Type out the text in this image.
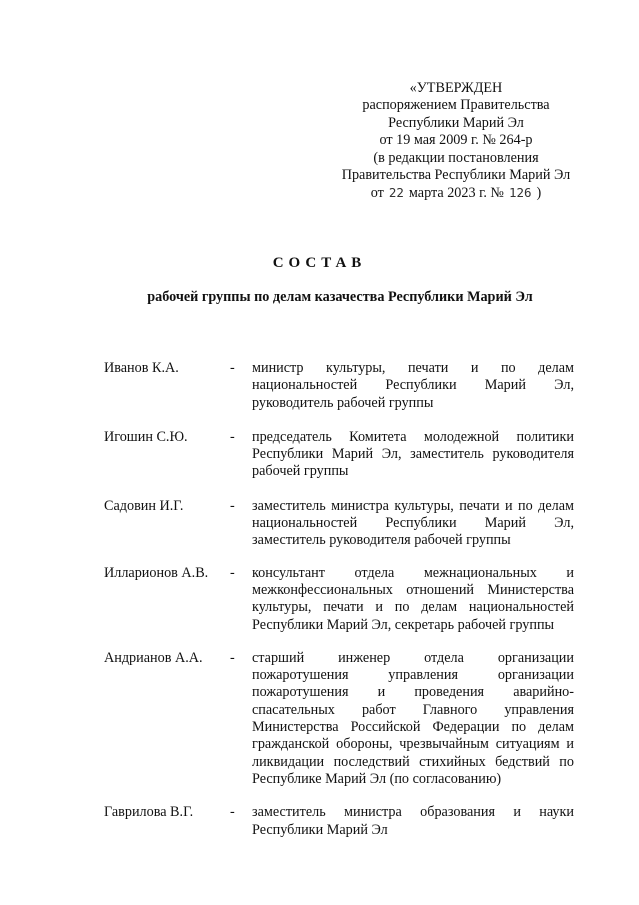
«УТВЕРЖДЕН
распоряжением Правительства
Республики Марий Эл
от 19 мая 2009 г. № 264-р
(в редакции постановления
Правительства Республики Марий Эл
от 22 марта 2023 г. № 126 )
СОСТАВ
рабочей группы по делам казачества Республики Марий Эл
Иванов К.А.	-	министр культуры, печати и по делам национальностей Республики Марий Эл, руководитель рабочей группы
Игошин С.Ю.	-	председатель Комитета молодежной политики Республики Марий Эл, заместитель руководителя рабочей группы
Садовин И.Г.	-	заместитель министра культуры, печати и по делам национальностей Республики Марий Эл, заместитель руководителя рабочей группы
Илларионов А.В.	-	консультант отдела межнациональных и межконфессиональных отношений Министерства культуры, печати и по делам национальностей Республики Марий Эл, секретарь рабочей группы
Андрианов А.А.	-	старший инженер отдела организации пожаротушения управления организации пожаротушения и проведения аварийно-спасательных работ Главного управления Министерства Российской Федерации по делам гражданской обороны, чрезвычайным ситуациям и ликвидации последствий стихийных бедствий по Республике Марий Эл (по согласованию)
Гаврилова В.Г.	-	заместитель министра образования и науки Республики Марий Эл
